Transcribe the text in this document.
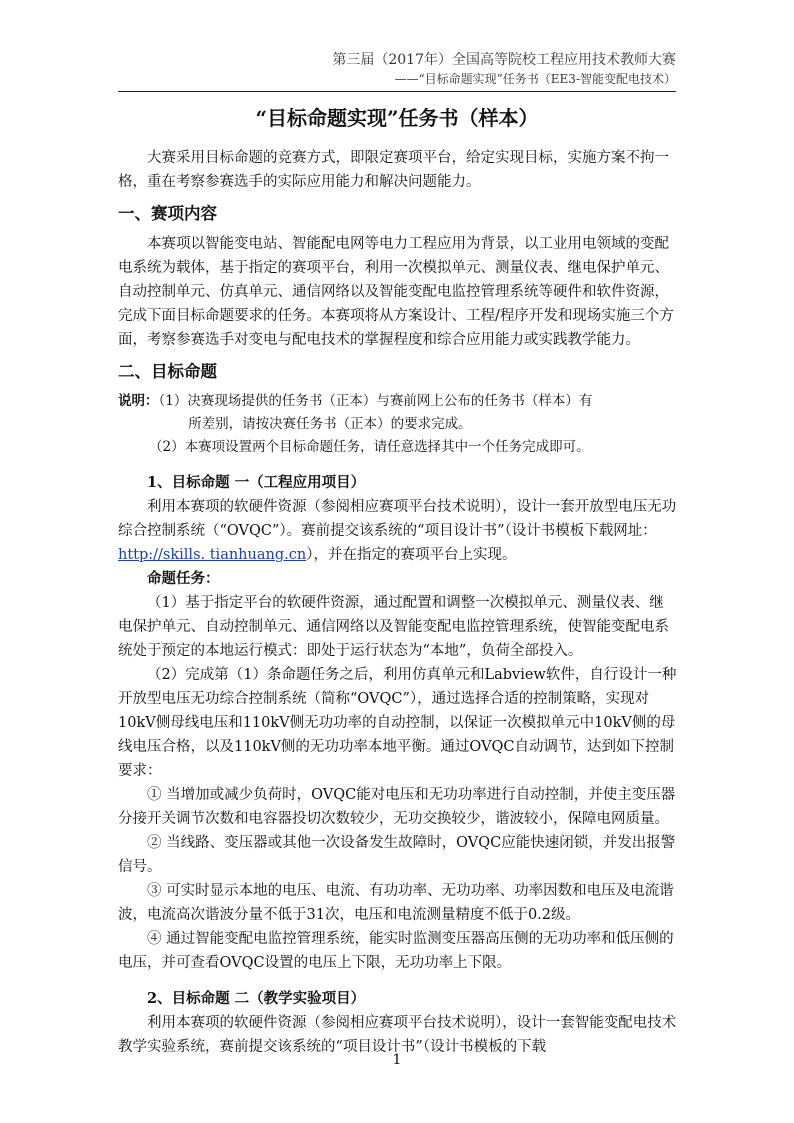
第三届（2017年）全国高等院校工程应用技术教师大赛
——“目标命题实现”任务书（EE3-智能变配电技术）
“目标命题实现”任务书（样本）

大赛采用目标命题的竞赛方式，即限定赛项平台，给定实现目标，实施方案不拘一格，重在考察参赛选手的实际应用能力和解决问题能力。

一、赛项内容

本赛项以智能变电站、智能配电网等电力工程应用为背景，以工业用电领域的变配电系统为载体，基于指定的赛项平台，利用一次模拟单元、测量仪表、继电保护单元、自动控制单元、仿真单元、通信网络以及智能变配电监控管理系统等硬件和软件资源，完成下面目标命题要求的任务。本赛项将从方案设计、工程/程序开发和现场实施三个方面，考察参赛选手对变电与配电技术的掌握程度和综合应用能力或实践教学能力。

二、目标命题
说明：（1）决赛现场提供的任务书（正本）与赛前网上公布的任务书（样本）有
所差别，请按决赛任务书（正本）的要求完成。
（2）本赛项设置两个目标命题任务，请任意选择其中一个任务完成即可。

1、目标命题 一（工程应用项目）

利用本赛项的软硬件资源（参阅相应赛项平台技术说明），设计一套开放型电压无功综合控制系统（“OVQC”）。赛前提交该系统的“项目设计书”（设计书模板下载网址：http://skills. tianhuang.cn），并在指定的赛项平台上实现。

命题任务：

（1）基于指定平台的软硬件资源，通过配置和调整一次模拟单元、测量仪表、继电保护单元、自动控制单元、通信网络以及智能变配电监控管理系统，使智能变配电系统处于预定的本地运行模式：即处于运行状态为“本地”，负荷全部投入。

（2）完成第（1）条命题任务之后，利用仿真单元和Labview软件，自行设计一种开放型电压无功综合控制系统（简称“OVQC”），通过选择合适的控制策略，实现对10kV侧母线电压和110kV侧无功功率的自动控制，以保证一次模拟单元中10kV侧的母线电压合格，以及110kV侧的无功功率本地平衡。通过OVQC自动调节，达到如下控制要求：

① 当增加或减少负荷时，OVQC能对电压和无功功率进行自动控制，并使主变压器分接开关调节次数和电容器投切次数较少，无功交换较少，谐波较小，保障电网质量。

② 当线路、变压器或其他一次设备发生故障时，OVQC应能快速闭锁，并发出报警信号。

③ 可实时显示本地的电压、电流、有功功率、无功功率、功率因数和电压及电流谐波，电流高次谐波分量不低于31次，电压和电流测量精度不低于0.2级。

④ 通过智能变配电监控管理系统，能实时监测变压器高压侧的无功功率和低压侧的电压，并可查看OVQC设置的电压上下限，无功功率上下限。

2、目标命题 二（教学实验项目）

利用本赛项的软硬件资源（参阅相应赛项平台技术说明），设计一套智能变配电技术教学实验系统，赛前提交该系统的“项目设计书”（设计书模板的下载

1
